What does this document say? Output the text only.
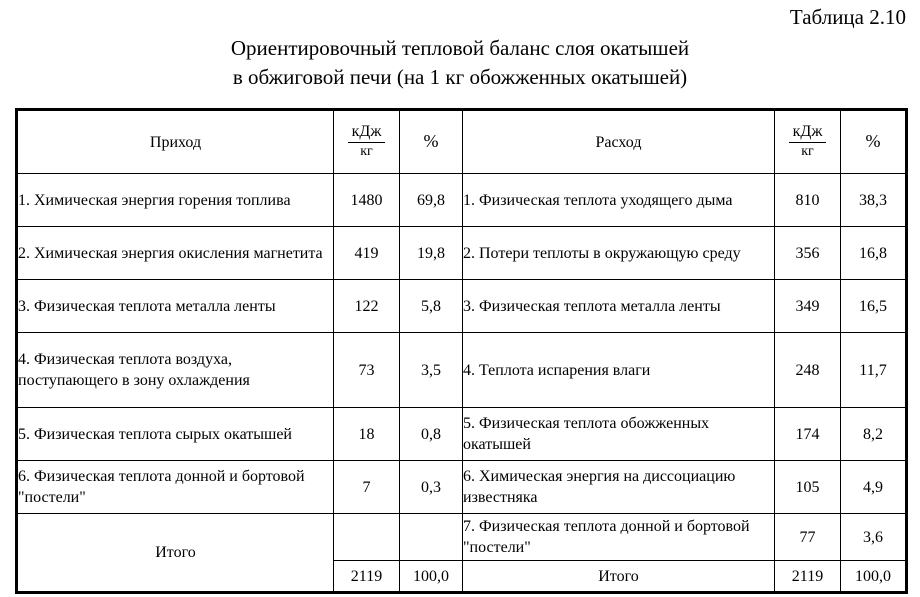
Таблица 2.10
Ориентировочный тепловой баланс слоя окатышей
в обжиговой печи (на 1 кг обожженных окатышей)
Приход	$\frac{\text{кДж}}{кг}$	%	Расход	$\frac{\text{кДж}}{кг}$	%
1. Химическая энергия горения топлива	1480	69,8	1. Физическая теплота уходящего дыма	810	38,3
2. Химическая энергия окисления магнетита	419	19,8	2. Потери теплоты в окружающую среду	356	16,8
3. Физическая теплота металла ленты	122	5,8	3. Физическая теплота металла ленты	349	16,5
4. Физическая теплота воздуха, поступающего в зону охлаждения	73	3,5	4. Теплота испарения влаги	248	11,7
5. Физическая теплота сырых окатышей	18	0,8	5. Физическая теплота обожженных окатышей	174	8,2
6. Физическая теплота донной и бортовой "постели"	7	0,3	6. Химическая энергия на диссоциацию известняка	105	4,9
Итого			7. Физическая теплота донной и бортовой "постели"	77	3,6
	2119	100,0	Итого	2119	100,0
